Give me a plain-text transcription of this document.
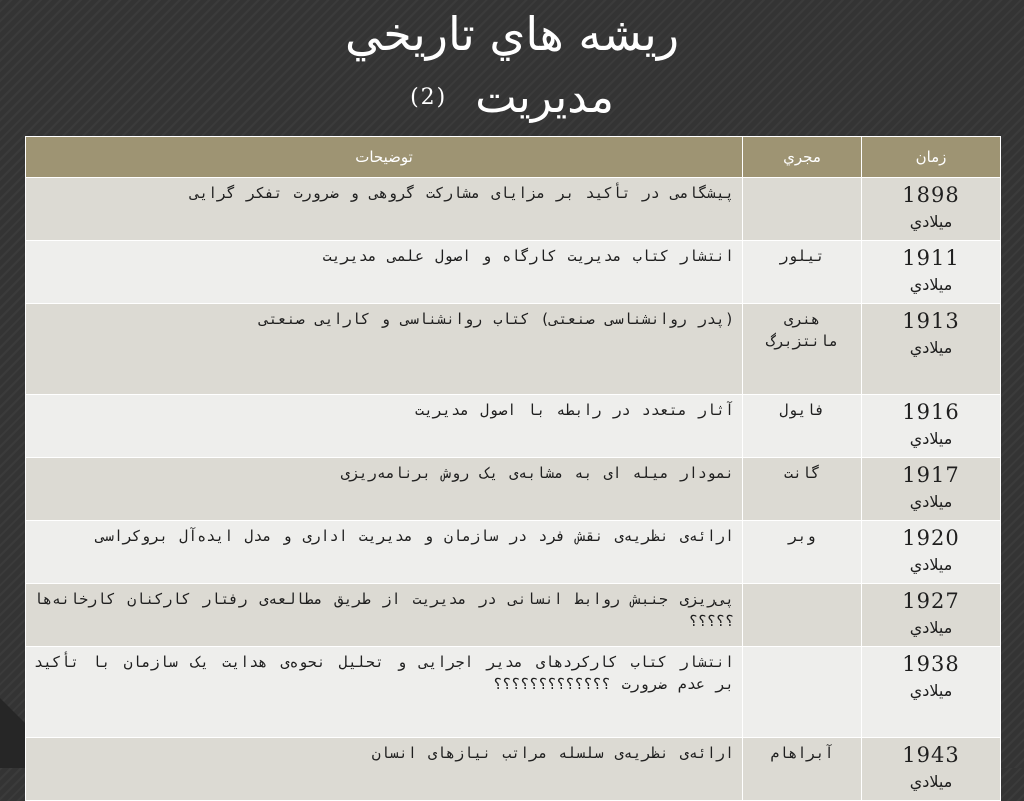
ريشه هاي تاريخي
(2) مديريت
زمان	مجري	توضيحات

1898
ميلادي		پیشگامی در تأکید بر مزایای مشارکت گروهی و ضرورت تفکر گرایی

1911
ميلادي	تیلور	انتشار کتاب مدیریت کارگاه و اصول علمی مدیریت

1913
ميلادي	هنری مانتزبرگ	(پدر روانشناسی صنعتی) کتاب روانشناسی و کارایی صنعتی

1916
ميلادي	فایول	آثار متعدد در رابطه با اصول مدیریت

1917
ميلادي	گانت	نمودار میله ای به مشابه‌ی یک روش برنامه‌ریزی

1920
ميلادي	وبر	ارائه‌ی نظریه‌ی نقش فرد در سازمان و مدیریت اداری و مدل ایده‌آل بروکراسی

1927
ميلادي		پی‌ریزی جنبش روابط انسانی در مدیریت از طریق مطالعه‌ی رفتار کارکنان کارخانه‌ها ؟؟؟؟؟

1938
ميلادي		انتشار کتاب کارکردهای مدیر اجرایی و تحلیل نحوه‌ی هدایت یک سازمان با تأکید بر عدم ضرورت ؟؟؟؟؟؟؟؟؟؟؟؟؟

1943
ميلادي	آبراهام	ارائه‌ی نظریه‌ی سلسله مراتب نیازهای انسان
